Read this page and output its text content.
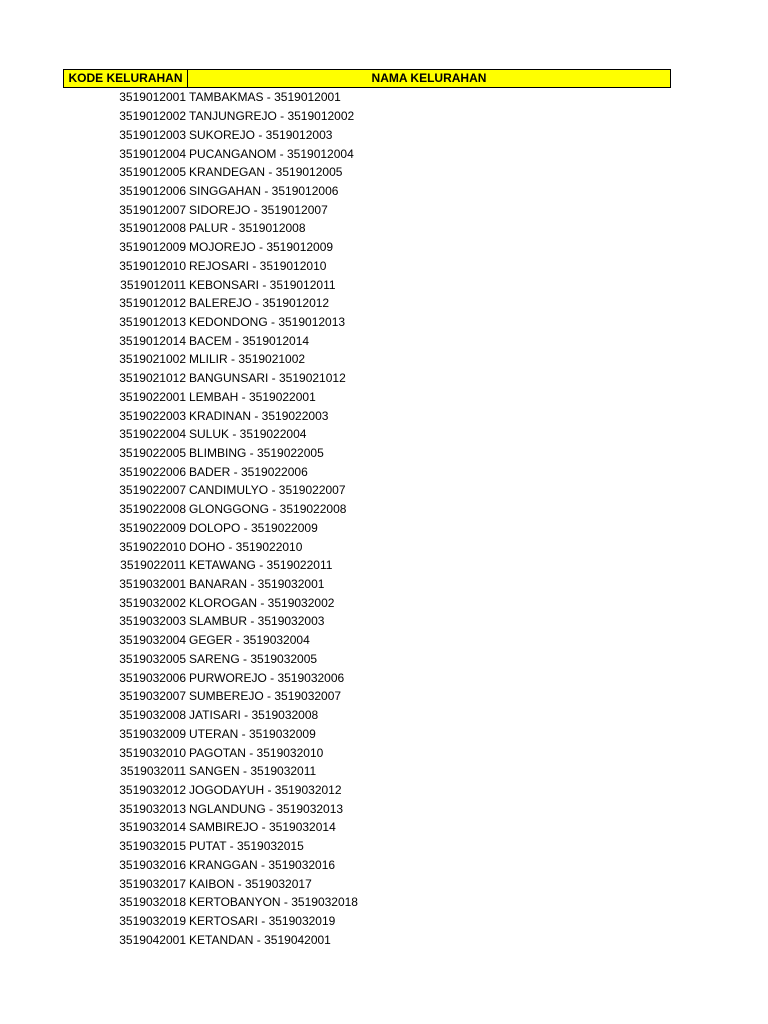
KODE KELURAHAN	NAMA KELURAHAN
3519012001 TAMBAKMAS - 3519012001
3519012002 TANJUNGREJO - 3519012002
3519012003 SUKOREJO - 3519012003
3519012004 PUCANGANOM - 3519012004
3519012005 KRANDEGAN - 3519012005
3519012006 SINGGAHAN - 3519012006
3519012007 SIDOREJO - 3519012007
3519012008 PALUR - 3519012008
3519012009 MOJOREJO - 3519012009
3519012010 REJOSARI - 3519012010
3519012011 KEBONSARI - 3519012011
3519012012 BALEREJO - 3519012012
3519012013 KEDONDONG - 3519012013
3519012014 BACEM - 3519012014
3519021002 MLILIR - 3519021002
3519021012 BANGUNSARI - 3519021012
3519022001 LEMBAH - 3519022001
3519022003 KRADINAN - 3519022003
3519022004 SULUK - 3519022004
3519022005 BLIMBING - 3519022005
3519022006 BADER - 3519022006
3519022007 CANDIMULYO - 3519022007
3519022008 GLONGGONG - 3519022008
3519022009 DOLOPO - 3519022009
3519022010 DOHO - 3519022010
3519022011 KETAWANG - 3519022011
3519032001 BANARAN - 3519032001
3519032002 KLOROGAN - 3519032002
3519032003 SLAMBUR - 3519032003
3519032004 GEGER - 3519032004
3519032005 SARENG - 3519032005
3519032006 PURWOREJO - 3519032006
3519032007 SUMBEREJO - 3519032007
3519032008 JATISARI - 3519032008
3519032009 UTERAN - 3519032009
3519032010 PAGOTAN - 3519032010
3519032011 SANGEN - 3519032011
3519032012 JOGODAYUH - 3519032012
3519032013 NGLANDUNG - 3519032013
3519032014 SAMBIREJO - 3519032014
3519032015 PUTAT - 3519032015
3519032016 KRANGGAN - 3519032016
3519032017 KAIBON - 3519032017
3519032018 KERTOBANYON - 3519032018
3519032019 KERTOSARI - 3519032019
3519042001 KETANDAN - 3519042001
